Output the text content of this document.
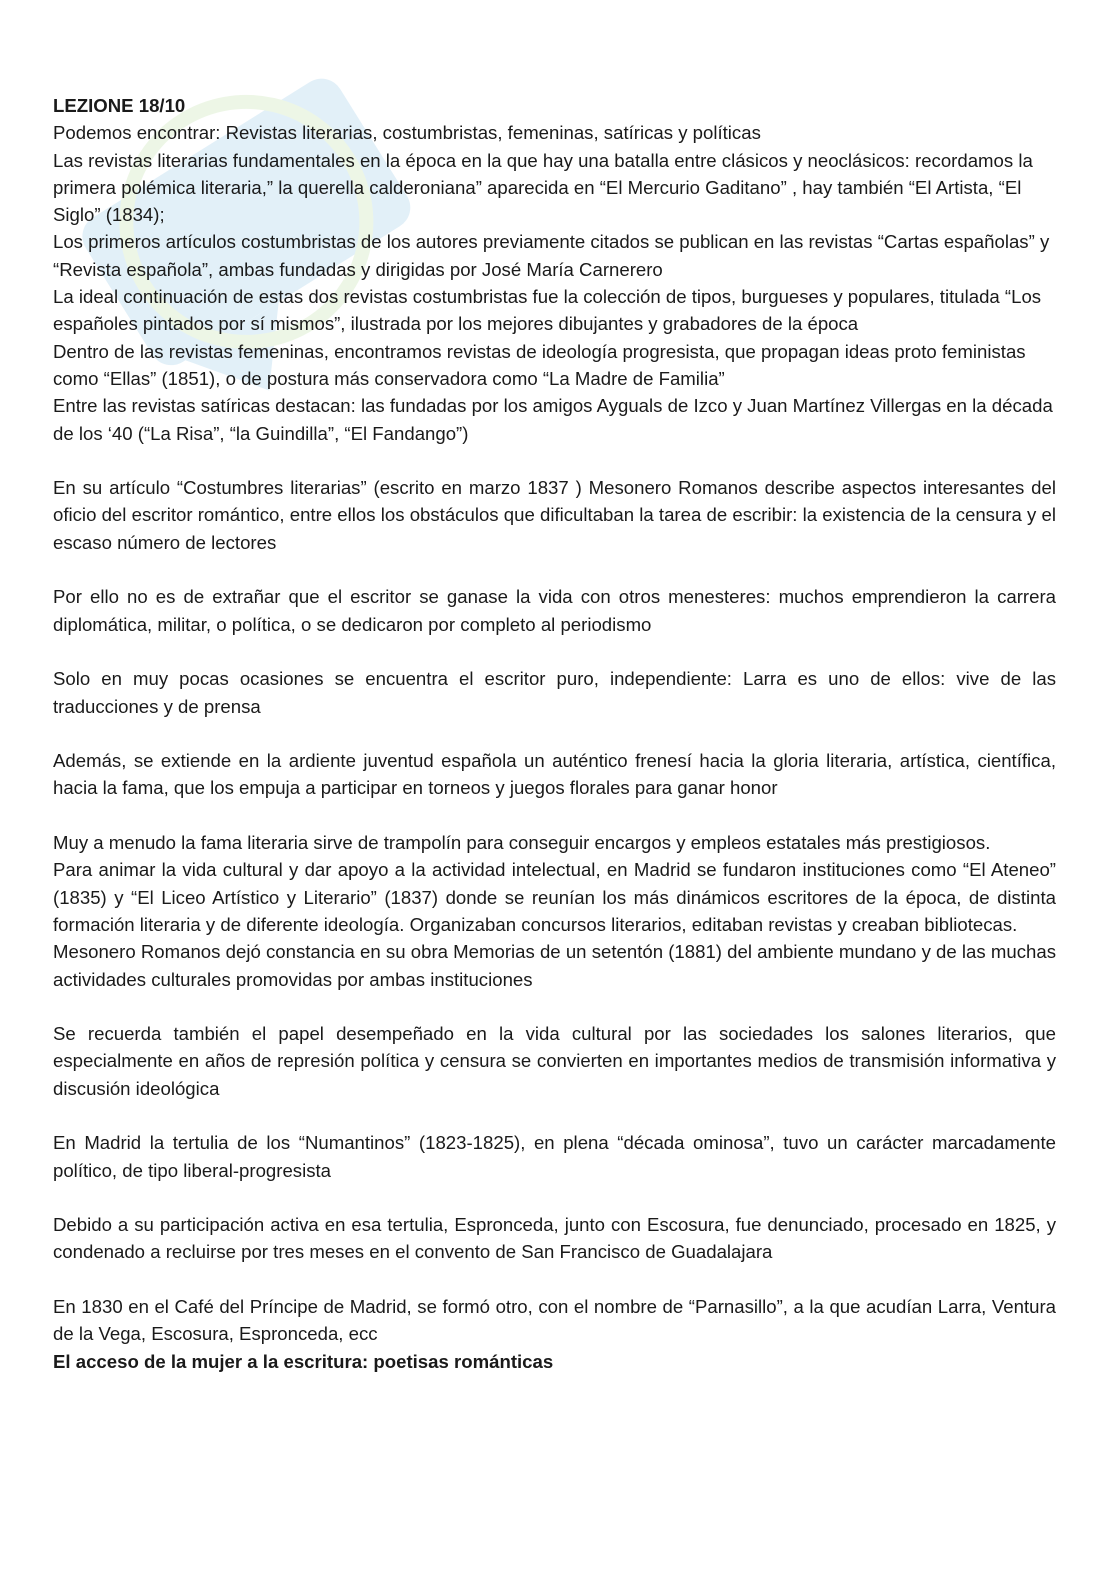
LEZIONE 18/10

Podemos encontrar: Revistas literarias, costumbristas, femeninas, satíricas y políticas

Las revistas literarias fundamentales en la época en la que hay una batalla entre clásicos y neoclásicos: recordamos la primera polémica literaria,” la querella calderoniana” aparecida en “El Mercurio Gaditano” , hay también “El Artista, “El Siglo” (1834);

Los primeros artículos costumbristas de los autores previamente citados se publican en las revistas “Cartas españolas” y “Revista española”, ambas fundadas y dirigidas por José María Carnerero

La ideal continuación de estas dos revistas costumbristas fue la colección de tipos, burgueses y populares, titulada “Los españoles pintados por sí mismos”, ilustrada por los mejores dibujantes y grabadores de la época

Dentro de las revistas femeninas, encontramos revistas de ideología progresista, que propagan ideas proto feministas como “Ellas” (1851), o de postura más conservadora como “La Madre de Familia”

Entre las revistas satíricas destacan: las fundadas por los amigos Ayguals de Izco y Juan Martínez Villergas en la década de los ‘40 (“La Risa”, “la Guindilla”, “El Fandango”)

En su artículo “Costumbres literarias” (escrito en marzo 1837 ) Mesonero Romanos describe aspectos interesantes del oficio del escritor romántico, entre ellos los obstáculos que dificultaban la tarea de escribir: la existencia de la censura y el escaso número de lectores

Por ello no es de extrañar que el escritor se ganase la vida con otros menesteres: muchos emprendieron la carrera diplomática, militar, o política, o se dedicaron por completo al periodismo

Solo en muy pocas ocasiones se encuentra el escritor puro, independiente: Larra es uno de ellos: vive de las traducciones y de prensa

Además, se extiende en la ardiente juventud española un auténtico frenesí hacia la gloria literaria, artística, científica, hacia la fama, que los empuja a participar en torneos y juegos florales para ganar honor

Muy a menudo la fama literaria sirve de trampolín para conseguir encargos y empleos estatales más prestigiosos.

Para animar la vida cultural y dar apoyo a la actividad intelectual, en Madrid se fundaron instituciones como “El Ateneo” (1835) y “El Liceo Artístico y Literario” (1837) donde se reunían los más dinámicos escritores de la época, de distinta formación literaria y de diferente ideología. Organizaban concursos literarios, editaban revistas y creaban bibliotecas.

Mesonero Romanos dejó constancia en su obra Memorias de un setentón (1881) del ambiente mundano y de las muchas actividades culturales promovidas por ambas instituciones

Se recuerda también el papel desempeñado en la vida cultural por las sociedades los salones literarios, que especialmente en años de represión política y censura se convierten en importantes medios de transmisión informativa y discusión ideológica

En Madrid la tertulia de los “Numantinos” (1823-1825), en plena “década ominosa”, tuvo un carácter marcadamente político, de tipo liberal-progresista

Debido a su participación activa en esa tertulia, Espronceda, junto con Escosura, fue denunciado, procesado en 1825, y condenado a recluirse por tres meses en el convento de San Francisco de Guadalajara

En 1830 en el Café del Príncipe de Madrid, se formó otro, con el nombre de “Parnasillo”, a la que acudían Larra, Ventura de la Vega, Escosura, Espronceda, ecc

El acceso de la mujer a la escritura: poetisas románticas
